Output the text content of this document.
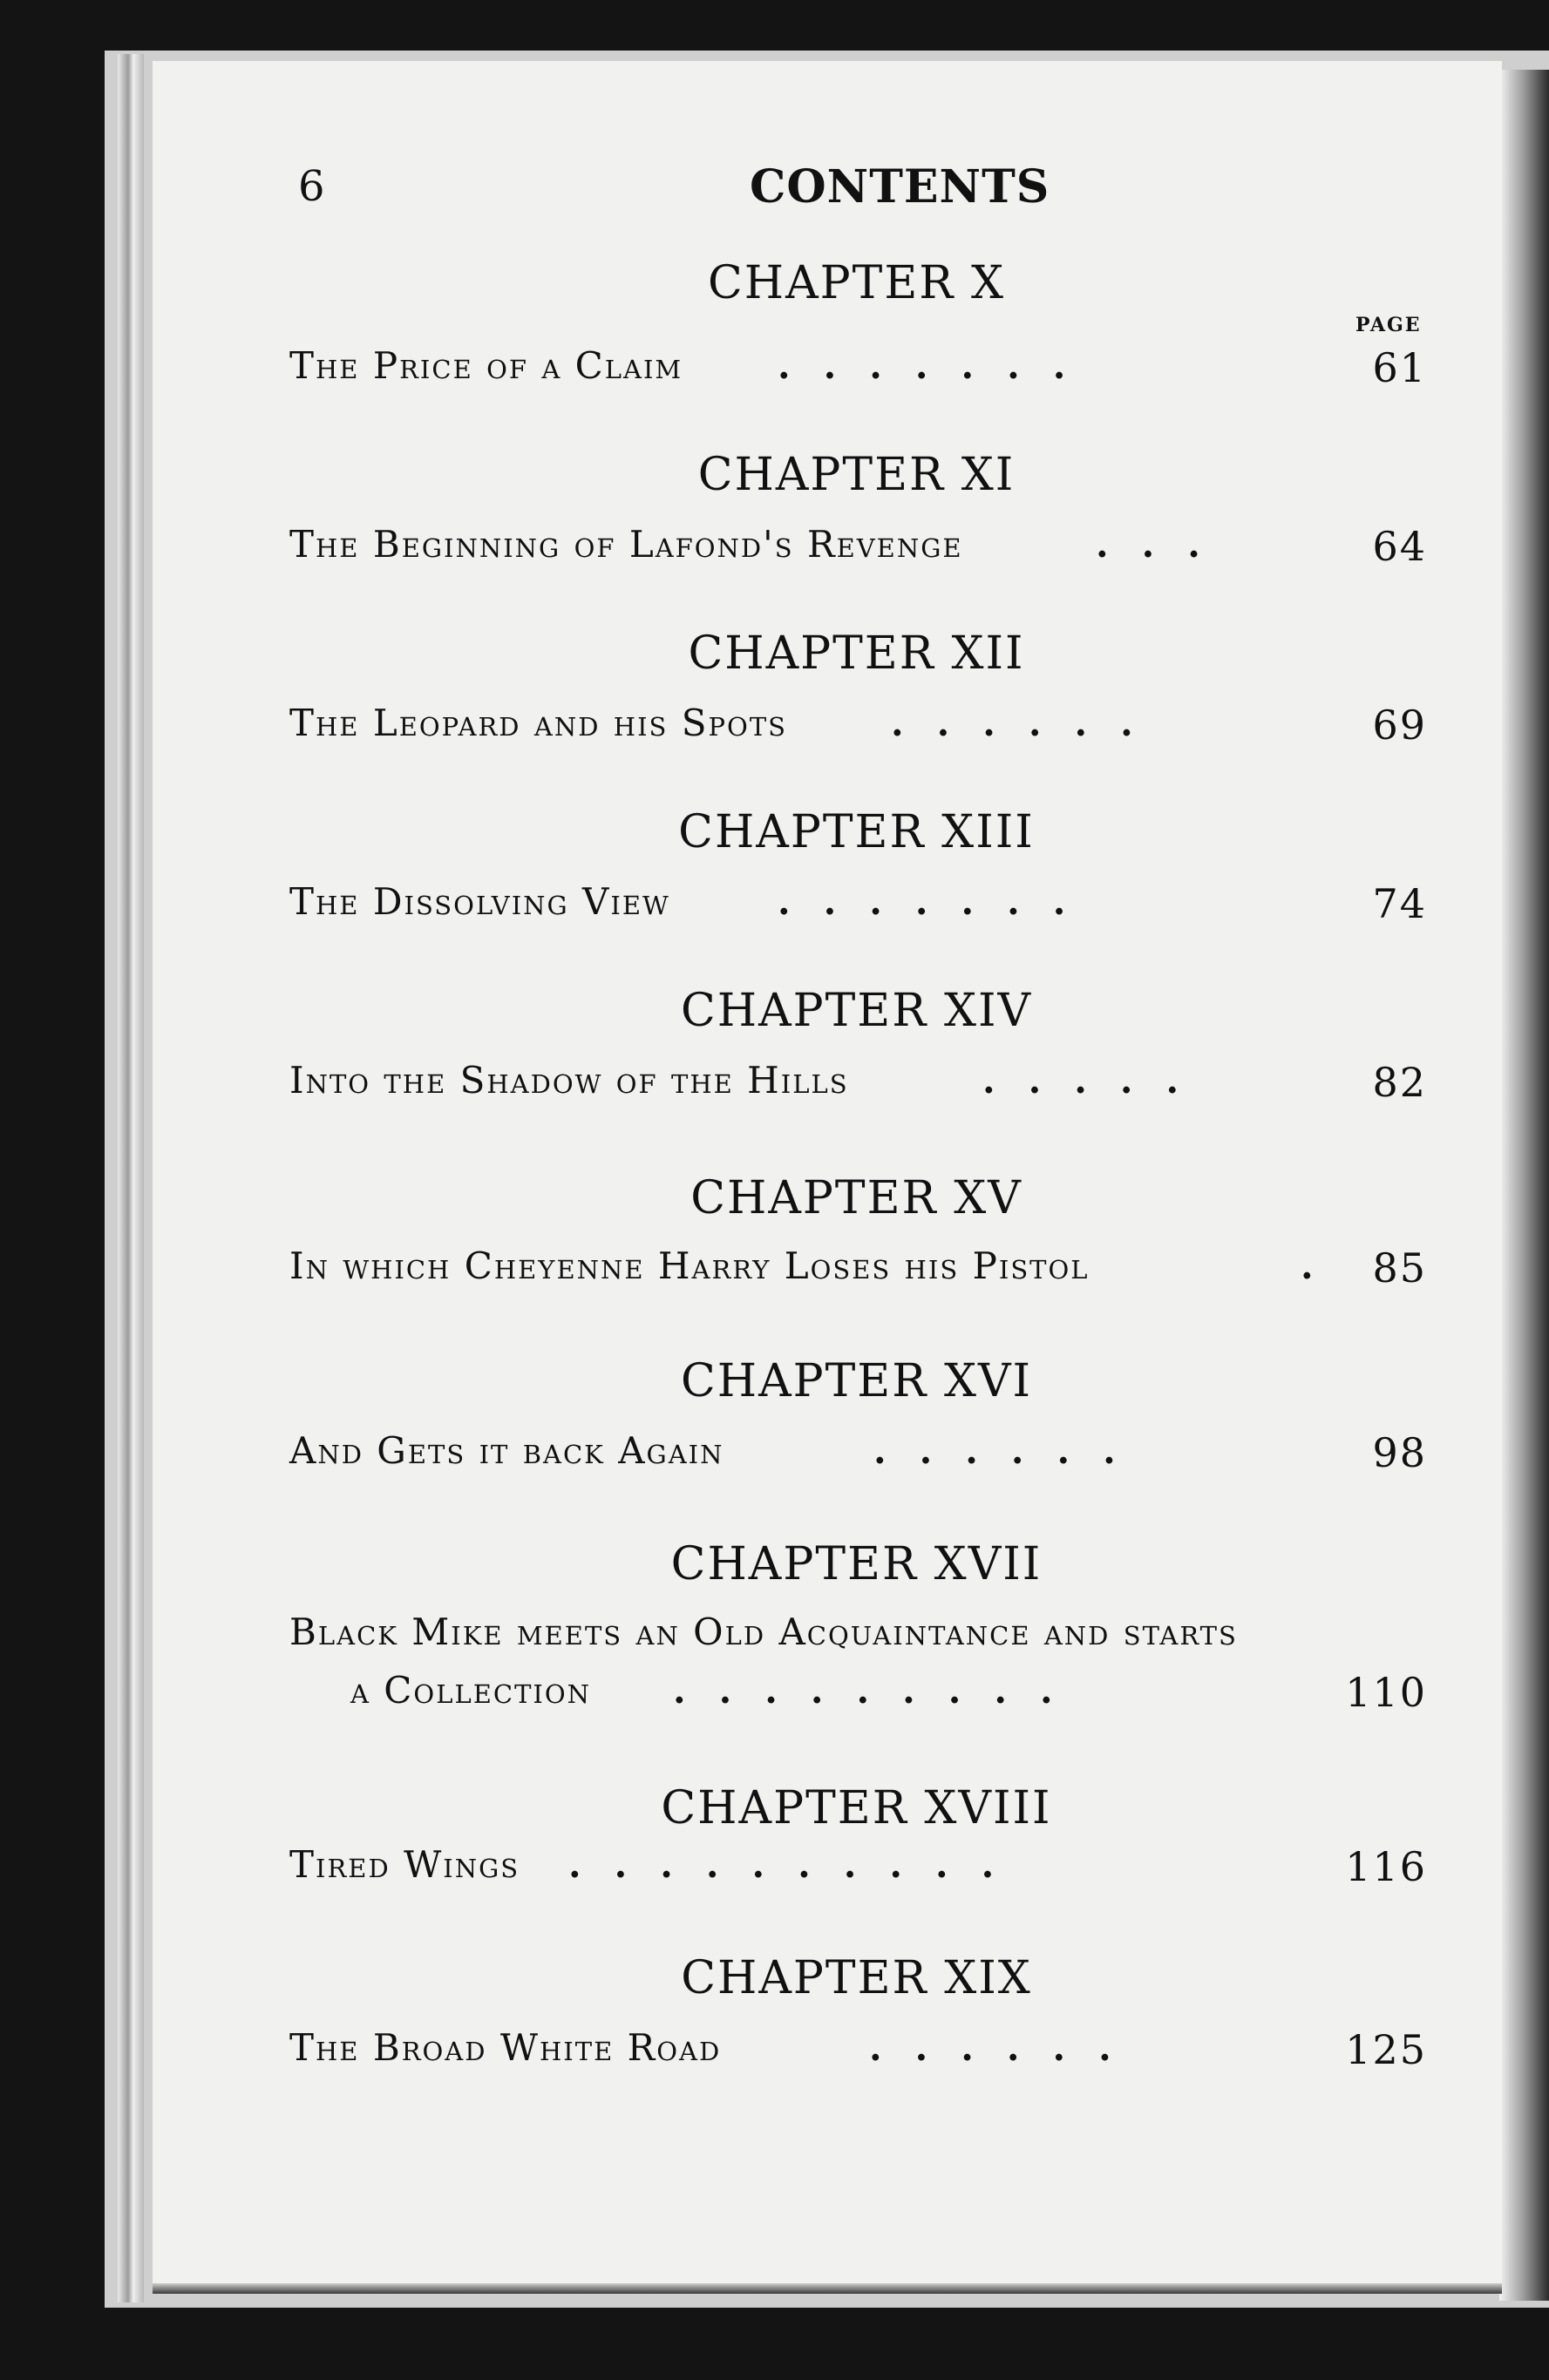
6	CONTENTS
PAGE
CHAPTER X
The Price of a Claim	.......	61
CHAPTER XI
The Beginning of Lafond's Revenge	...	64
CHAPTER XII
The Leopard and his Spots	......	69
CHAPTER XIII
The Dissolving View	.......	74
CHAPTER XIV
Into the Shadow of the Hills	.....	82
CHAPTER XV
In which Cheyenne Harry Loses his Pistol	. 85
CHAPTER XVI
And Gets it back Again	......	98
CHAPTER XVII
Black Mike meets an Old Acquaintance and starts
a Collection .........	110
CHAPTER XVIII
Tired Wings ..........	116
CHAPTER XIX
The Broad White Road	......	125
